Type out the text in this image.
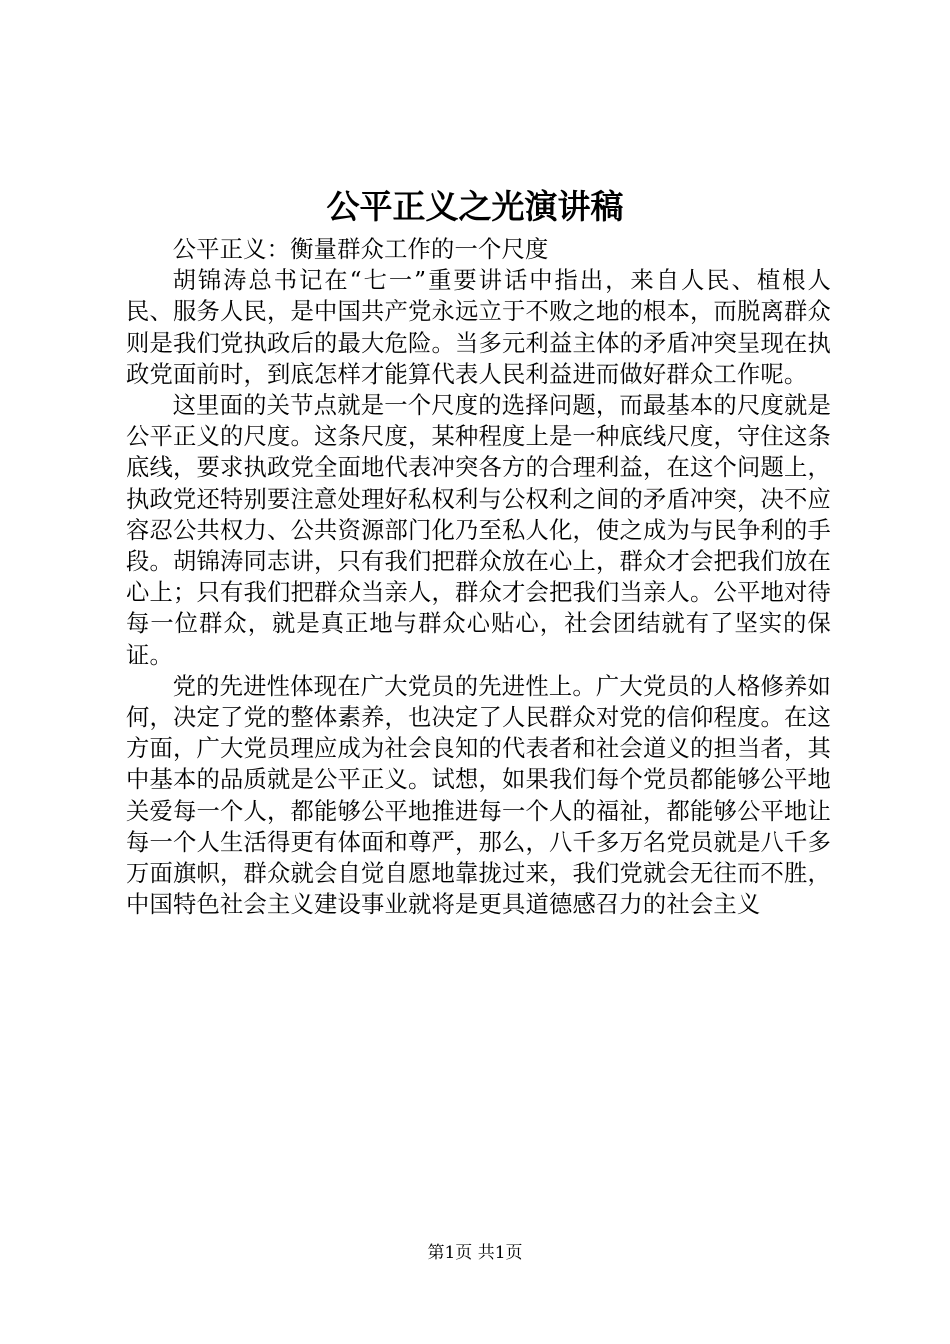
公平正义之光演讲稿

公平正义：衡量群众工作的一个尺度

胡锦涛总书记在“七一”重要讲话中指出，来自人民、植根人民、服务人民，是中国共产党永远立于不败之地的根本，而脱离群众则是我们党执政后的最大危险。当多元利益主体的矛盾冲突呈现在执政党面前时，到底怎样才能算代表人民利益进而做好群众工作呢。

这里面的关节点就是一个尺度的选择问题，而最基本的尺度就是公平正义的尺度。这条尺度，某种程度上是一种底线尺度，守住这条底线，要求执政党全面地代表冲突各方的合理利益，在这个问题上，执政党还特别要注意处理好私权利与公权利之间的矛盾冲突，决不应容忍公共权力、公共资源部门化乃至私人化，使之成为与民争利的手段。胡锦涛同志讲，只有我们把群众放在心上，群众才会把我们放在心上；只有我们把群众当亲人，群众才会把我们当亲人。公平地对待每一位群众，就是真正地与群众心贴心，社会团结就有了坚实的保证。

党的先进性体现在广大党员的先进性上。广大党员的人格修养如何，决定了党的整体素养，也决定了人民群众对党的信仰程度。在这方面，广大党员理应成为社会良知的代表者和社会道义的担当者，其中基本的品质就是公平正义。试想，如果我们每个党员都能够公平地关爱每一个人，都能够公平地推进每一个人的福祉，都能够公平地让每一个人生活得更有体面和尊严，那么，八千多万名党员就是八千多万面旗帜，群众就会自觉自愿地靠拢过来，我们党就会无往而不胜，中国特色社会主义建设事业就将是更具道德感召力的社会主义

第1页 共1页
